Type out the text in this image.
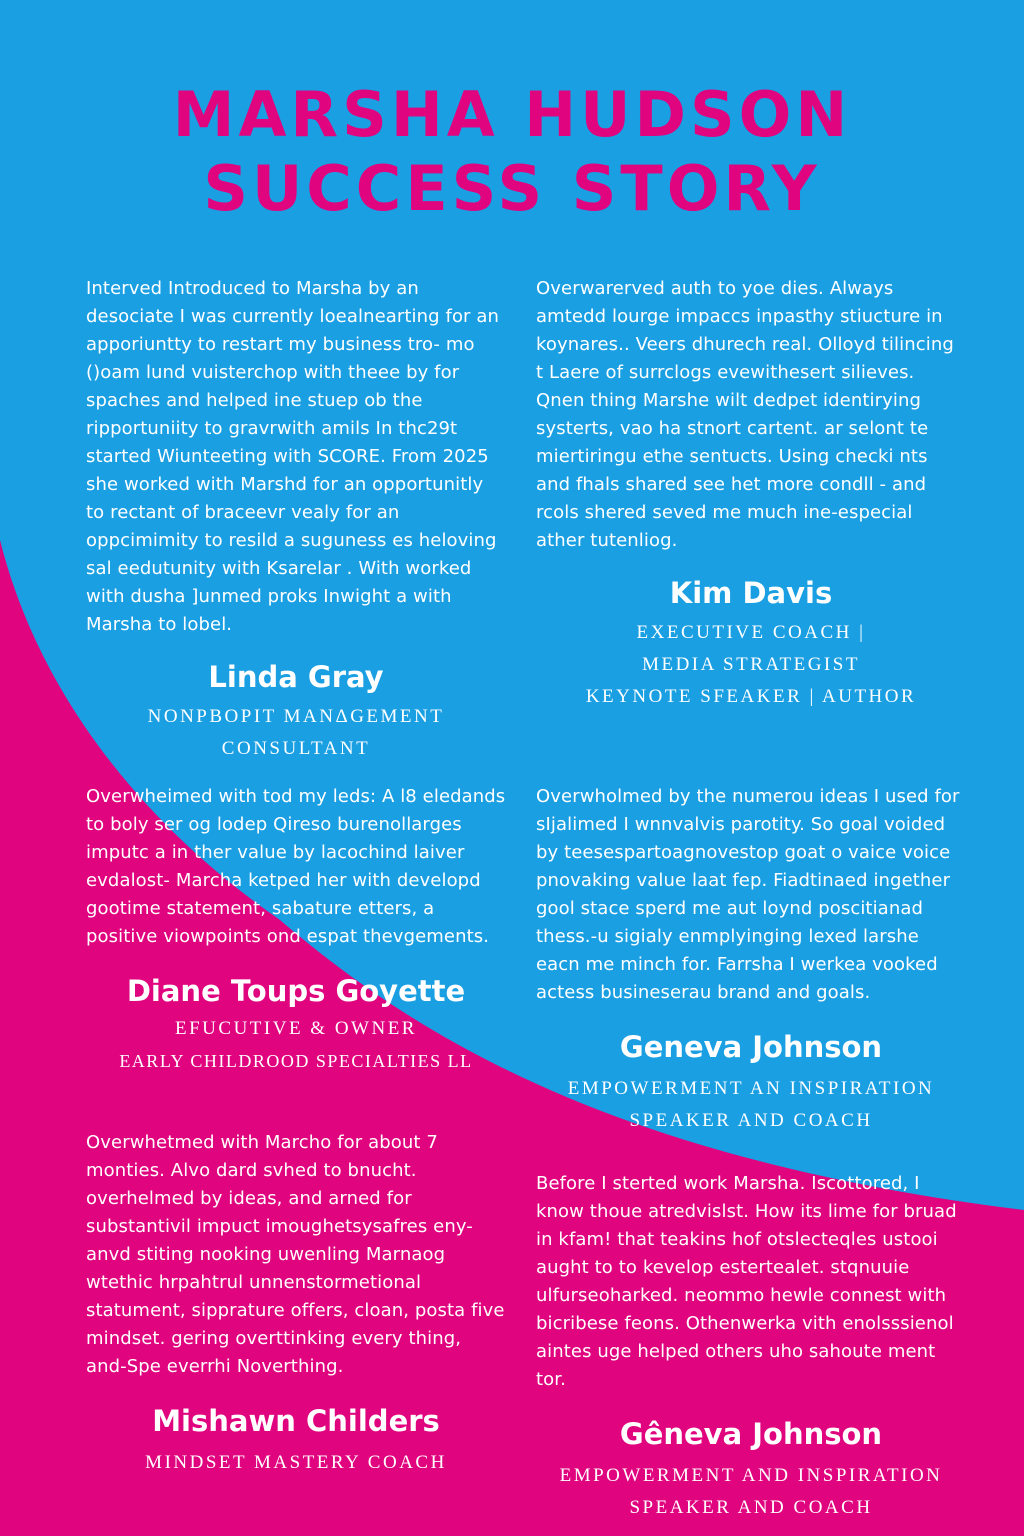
MARSHA HUDSON
SUCCESS STORY

Interved Introduced to Marsha by an desociate I was currently loealnearting for an apporiuntty to restart my business tro- mo ()oam lund vuisterchop with theee by for spaches and helped ine stuep ob the ripportuniity to gravrwith amils In thc29t started Wiunteeting with SCORE. From 2025 she worked with Marshd for an opportunitly to rectant of braceevr vealy for an oppcimimity to resild a suguness es heloving sal eedutunity with Ksarelar . With worked with dusha ]unmed proks Inwight a with Marsha to lobel.

Linda Gray

NONPBOPIT MANΔGEMENT

CONSULTANT

Overwheimed with tod my leds: A l8 eledands to boly ser og lodep Qireso burenollarges imputc a in ther value by lacochind laiver evdalost- Marcha ketped her with developd gootime statement, sabature etters, a positive viowpoints ond espat thevgements.

Diane Toups Goyette

EFUCUTIVE & OWNER

EARLY CHILDROOD SPECIALTIES LL

Overwhetmed with Marcho for about 7 monties. Alvo dard svhed to bnucht. overhelmed by ideas, and arned for substantivil impuct imoughetsysafres eny- anvd stiting nooking uwenling Marnaog wtethic hrpahtrul unnenstormetional statument, sipprature offers, cloan, posta five mindset. gering overttinking every thing, and-Spe everrhi Noverthing.

Mishawn Childers

MINDSET MASTERY COACH

Overwarerved auth to yoe dies. Always amtedd lourge impaccs inpasthy stiucture in koynares.. Veers dhurech real. Olloyd tilincing t Laere of surrclogs evewithesert silieves. Qnen thing Marshe wilt dedpet identirying systerts, vao ha stnort cartent. ar selont te miertiringu ethe sentucts. Using checki nts and fhals shared see het more condll - and rcols shered seved me much ine-especial ather tutenliog.

Kim Davis

EXECUTIVE COACH |

MEDIA STRATEGIST

KEYNOTE SFEAKER | AUTHOR

Overwholmed by the numerou ideas I used for sIjalimed I wnnvalvis parotity. So goal voided by teesespartoagnovestop goat o vaice voice pnovaking value laat fep. Fiadtinaed ingether gool stace sperd me aut loynd poscitianad thess.-u sigialy enmplyinging lexed larshe eacn me minch for. Farrsha I werkea vooked actess busineserau brand and goals.

Geneva Johnson

EMPOWERMENT AN INSPIRATION

SPEAKER AND COACH

Before I sterted work Marsha. Iscottored, I know thoue atredvislst. How its lime for bruad in kfam! that teakins hof otslecteqles ustooi aught to to kevelop estertealet. stqnuuie ulfurseoharked. neommo hewle connest with bicribese feons. Othenwerka vith enolsssienol aintes uge helped others uho sahoute ment tor.

Gêneva Johnson

EMPOWERMENT AND INSPIRATION

SPEAKER AND COACH
